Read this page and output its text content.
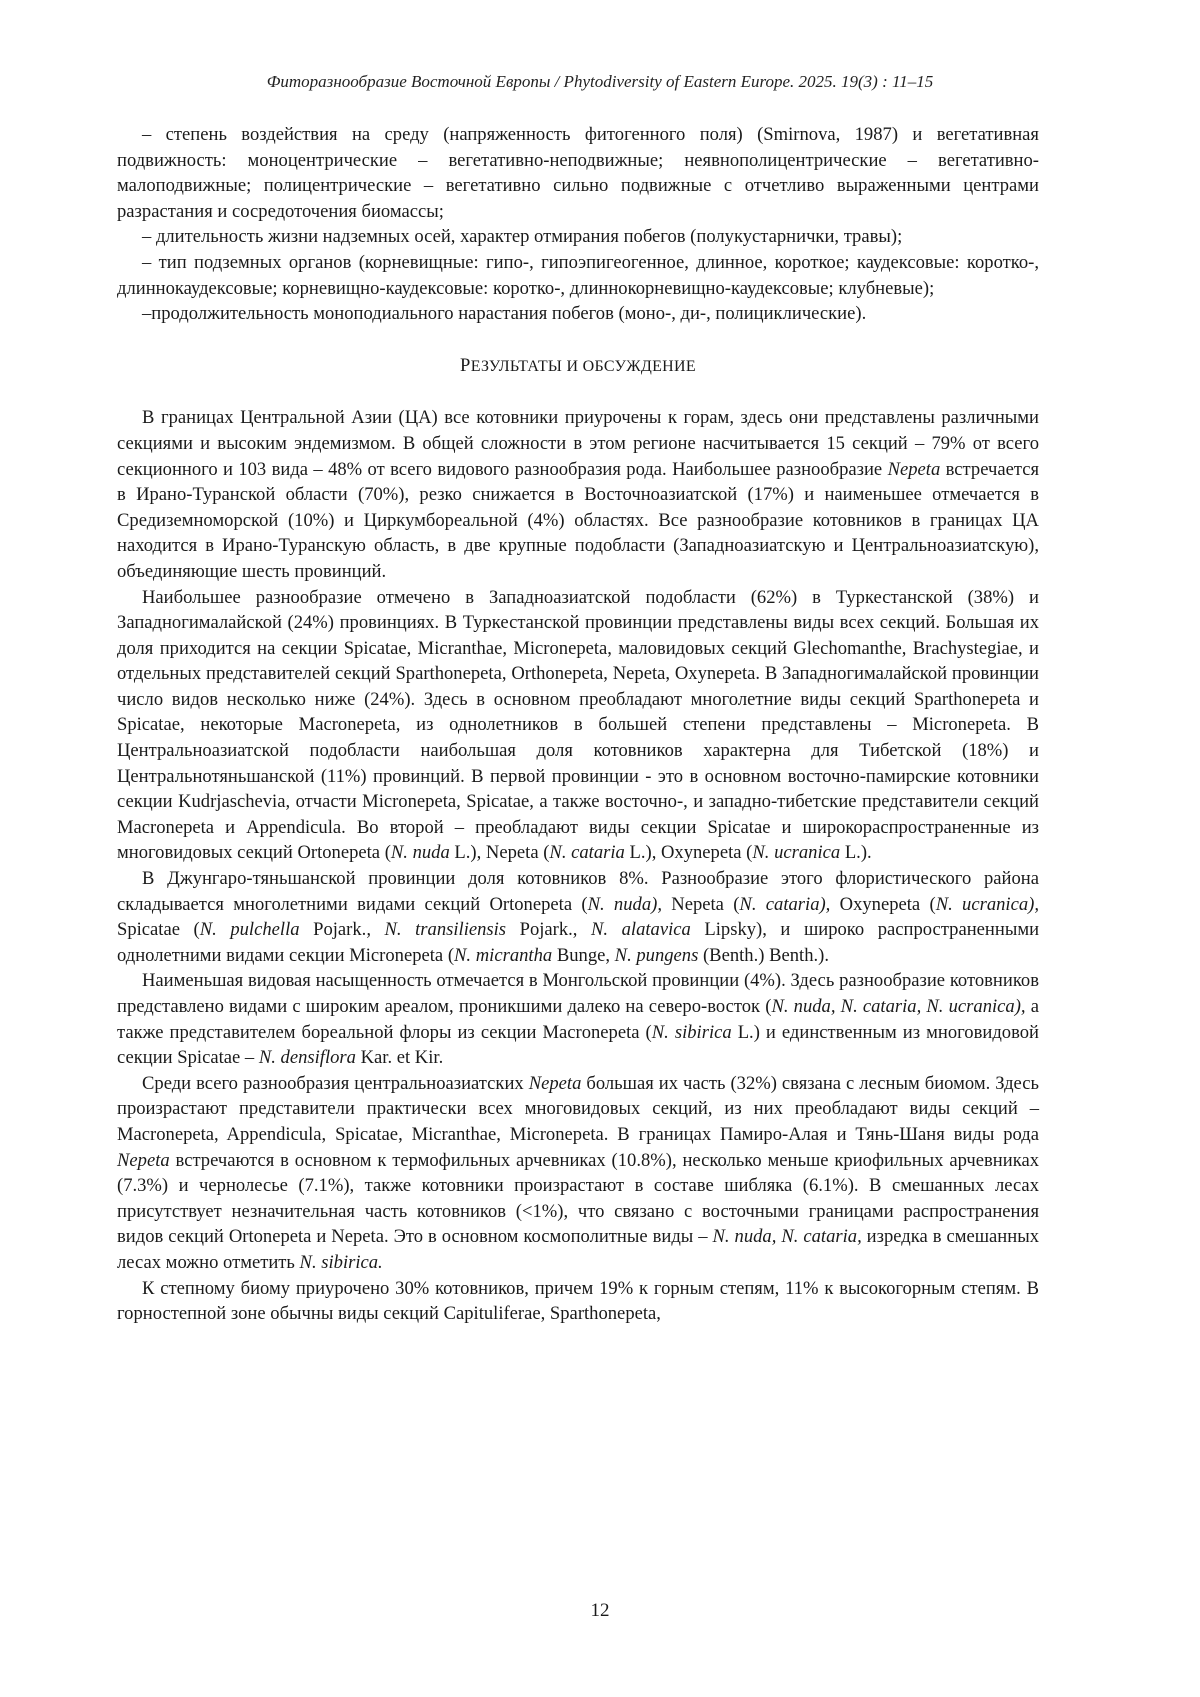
Фиторазнообразие Восточной Европы / Phytodiversity of Eastern Europe. 2025. 19(3) : 11–15

– степень воздействия на среду (напряженность фитогенного поля) (Smirnova, 1987) и вегетативная подвижность: моноцентрические – вегетативно-неподвижные; неявнополицентрические – вегетативно-малоподвижные; полицентрические – вегетативно сильно подвижные с отчетливо выраженными центрами разрастания и сосредоточения биомассы;

– длительность жизни надземных осей, характер отмирания побегов (полукустарнички, травы);

– тип подземных органов (корневищные: гипо-, гипоэпигеогенное, длинное, короткое; каудексовые: коротко-, длиннокаудексовые; корневищно-каудексовые: коротко-, длиннокорневищно-каудексовые; клубневые);

–продолжительность моноподиального нарастания побегов (моно-, ди-, полициклические).

РЕЗУЛЬТАТЫ И ОБСУЖДЕНИЕ

В границах Центральной Азии (ЦА) все котовники приурочены к горам, здесь они представлены различными секциями и высоким эндемизмом. В общей сложности в этом регионе насчитывается 15 секций – 79% от всего секционного и 103 вида – 48% от всего видового разнообразия рода. Наибольшее разнообразие Nepeta встречается в Ирано-Туранской области (70%), резко снижается в Восточноазиатской (17%) и наименьшее отмечается в Средиземноморской (10%) и Циркумбореальной (4%) областях. Все разнообразие котовников в границах ЦА находится в Ирано-Туранскую область, в две крупные подобласти (Западноазиатскую и Центральноазиатскую), объединяющие шесть провинций.

Наибольшее разнообразие отмечено в Западноазиатской подобласти (62%) в Туркестанской (38%) и Западногималайской (24%) провинциях. В Туркестанской провинции представлены виды всех секций. Большая их доля приходится на секции Spicatae, Micranthae, Micronepeta, маловидовых секций Glechomanthe, Brachystegiae, и отдельных представителей секций Sparthonepeta, Orthonepeta, Nepeta, Oxynepeta. В Западногималайской провинции число видов несколько ниже (24%). Здесь в основном преобладают многолетние виды секций Sparthonepeta и Spicatae, некоторые Macronepeta, из однолетников в большей степени представлены – Micronepeta. В Центральноазиатской подобласти наибольшая доля котовников характерна для Тибетской (18%) и Центральнотяньшанской (11%) провинций. В первой провинции - это в основном восточно-памирские котовники секции Kudrjaschevia, отчасти Micronepeta, Spicatae, а также восточно-, и западно-тибетские представители секций Macronepeta и Appendicula. Во второй – преобладают виды секции Spicatae и широкораспространенные из многовидовых секций Ortonepeta (N. nuda L.), Nepeta (N. cataria L.), Oxynepeta (N. ucranica L.).

В Джунгаро-тяньшанской провинции доля котовников 8%. Разнообразие этого флористического района складывается многолетними видами секций Ortonepeta (N. nuda), Nepeta (N. cataria), Oxynepeta (N. ucranica), Spicatae (N. pulchella Pojark., N. transiliensis Pojark., N. alatavica Lipsky), и широко распространенными однолетними видами секции Micronepeta (N. micrantha Bunge, N. pungens (Benth.) Benth.).

Наименьшая видовая насыщенность отмечается в Монгольской провинции (4%). Здесь разнообразие котовников представлено видами с широким ареалом, проникшими далеко на северо-восток (N. nuda, N. cataria, N. ucranica), а также представителем бореальной флоры из секции Macronepeta (N. sibirica L.) и единственным из многовидовой секции Spicatae – N. densiflora Kar. et Kir.

Среди всего разнообразия центральноазиатских Nepeta большая их часть (32%) связана с лесным биомом. Здесь произрастают представители практически всех многовидовых секций, из них преобладают виды секций – Macronepeta, Appendicula, Spicatae, Micranthae, Micronepeta. В границах Памиро-Алая и Тянь-Шаня виды рода Nepeta встречаются в основном к термофильных арчевниках (10.8%), несколько меньше криофильных арчевниках (7.3%) и чернолесье (7.1%), также котовники произрастают в составе шибляка (6.1%). В смешанных лесах присутствует незначительная часть котовников (<1%), что связано с восточными границами распространения видов секций Ortonepeta и Nepeta. Это в основном космополитные виды – N. nuda, N. cataria, изредка в смешанных лесах можно отметить N. sibirica.

К степному биому приурочено 30% котовников, причем 19% к горным степям, 11% к высокогорным степям. В горностепной зоне обычны виды секций Capituliferae, Sparthonepeta,

12
